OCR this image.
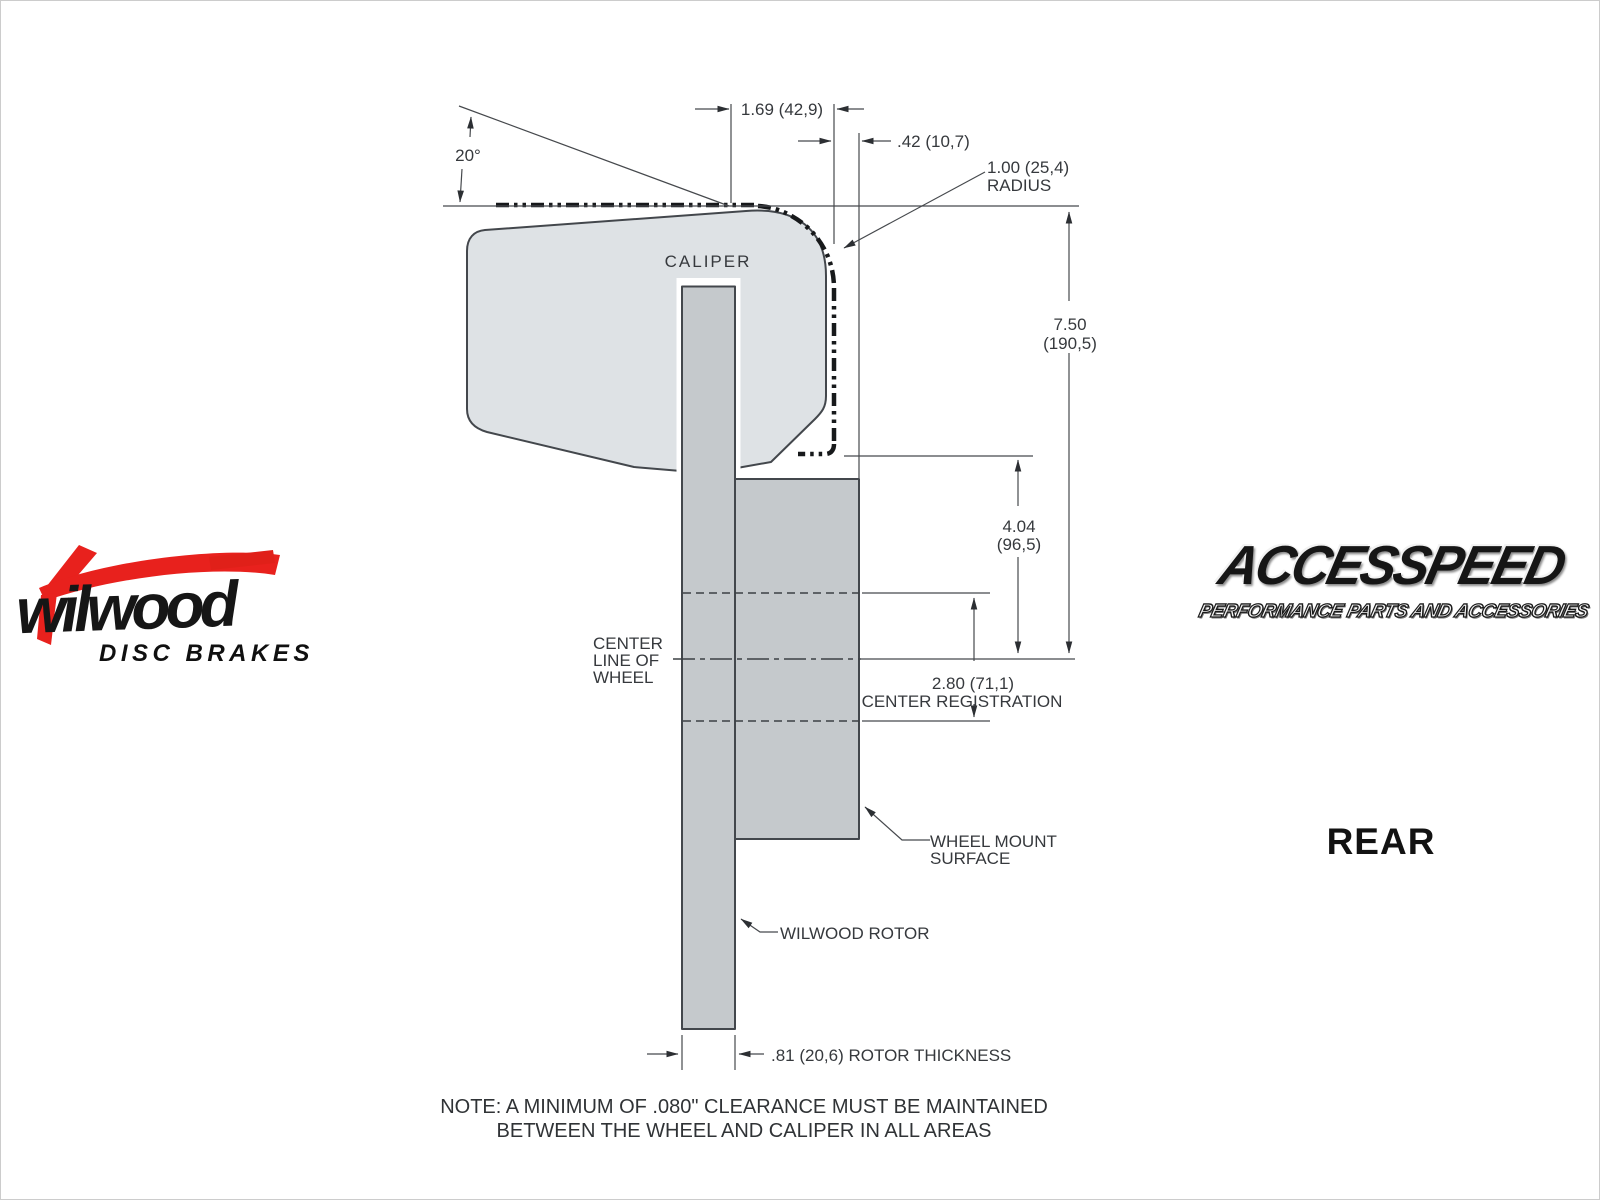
20°
1.69 (42,9)
.42 (10,7)
1.00 (25,4)
RADIUS
7.50
(190,5)
4.04
(96,5)
2.80 (71,1)
CENTER REGISTRATION
.81 (20,6) ROTOR THICKNESS
CALIPER
CENTER
LINE OF
WHEEL
WHEEL MOUNT
SURFACE
WILWOOD ROTOR
NOTE: A MINIMUM OF .080" CLEARANCE MUST BE MAINTAINED
BETWEEN THE WHEEL AND CALIPER IN ALL AREAS
wilwood
DISC BRAKES
ACCESSPEED
PERFORMANCE PARTS AND ACCESSORIES
REAR
